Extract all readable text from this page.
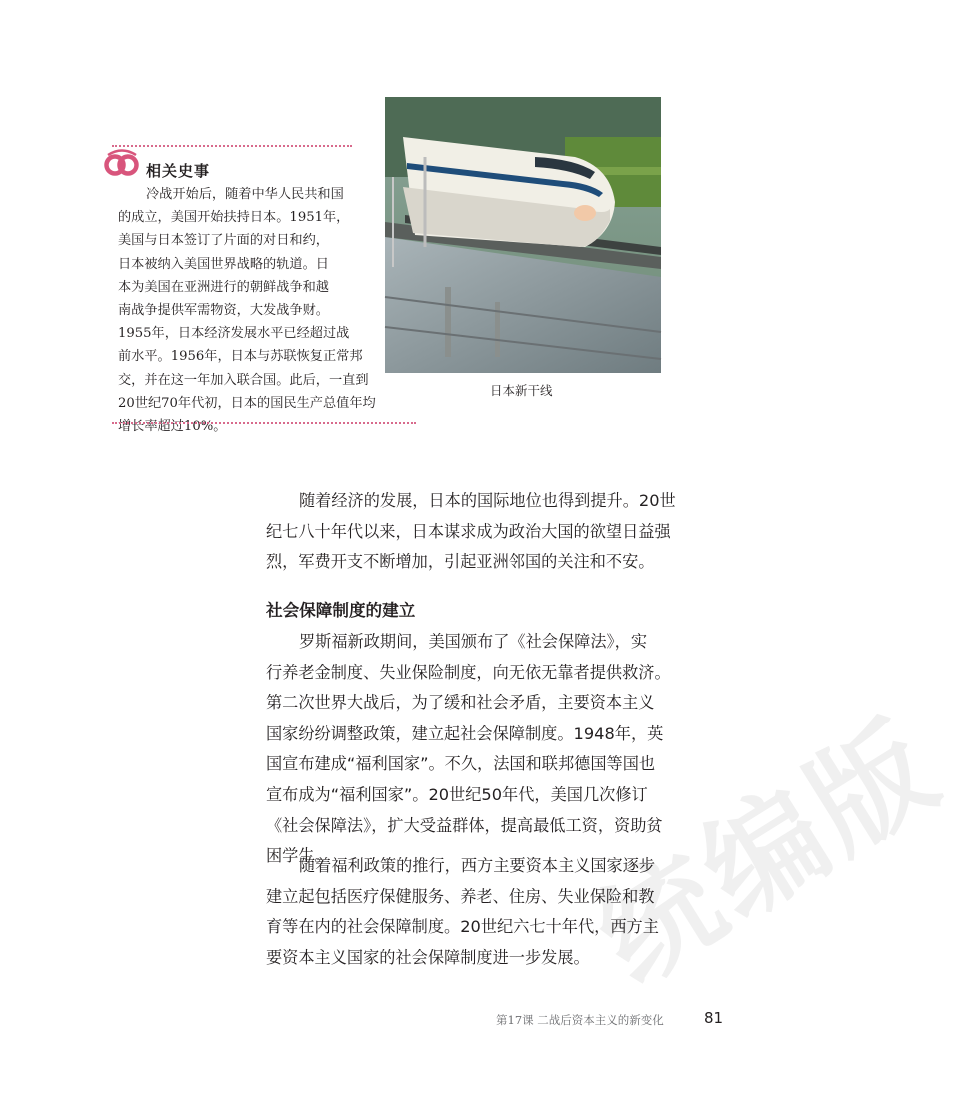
相关史事
冷战开始后，随着中华人民共和国
的成立，美国开始扶持日本。1951年，
美国与日本签订了片面的对日和约，
日本被纳入美国世界战略的轨道。日
本为美国在亚洲进行的朝鲜战争和越
南战争提供军需物资，大发战争财。
1955年，日本经济发展水平已经超过战
前水平。1956年，日本与苏联恢复正常邦
交，并在这一年加入联合国。此后，一直到
20世纪70年代初，日本的国民生产总值年均
增长率超过10%。
日本新干线
随着经济的发展，日本的国际地位也得到提升。20世
纪七八十年代以来，日本谋求成为政治大国的欲望日益强
烈，军费开支不断增加，引起亚洲邻国的关注和不安。
社会保障制度的建立
罗斯福新政期间，美国颁布了《社会保障法》，实
行养老金制度、失业保险制度，向无依无靠者提供救济。
第二次世界大战后，为了缓和社会矛盾，主要资本主义
国家纷纷调整政策，建立起社会保障制度。1948年，英
国宣布建成“福利国家”。不久，法国和联邦德国等国也
宣布成为“福利国家”。20世纪50年代，美国几次修订
《社会保障法》，扩大受益群体，提高最低工资，资助贫
困学生。
随着福利政策的推行，西方主要资本主义国家逐步
建立起包括医疗保健服务、养老、住房、失业保险和教
育等在内的社会保障制度。20世纪六七十年代，西方主
要资本主义国家的社会保障制度进一步发展。
统编版
第17课 二战后资本主义的新变化	81
